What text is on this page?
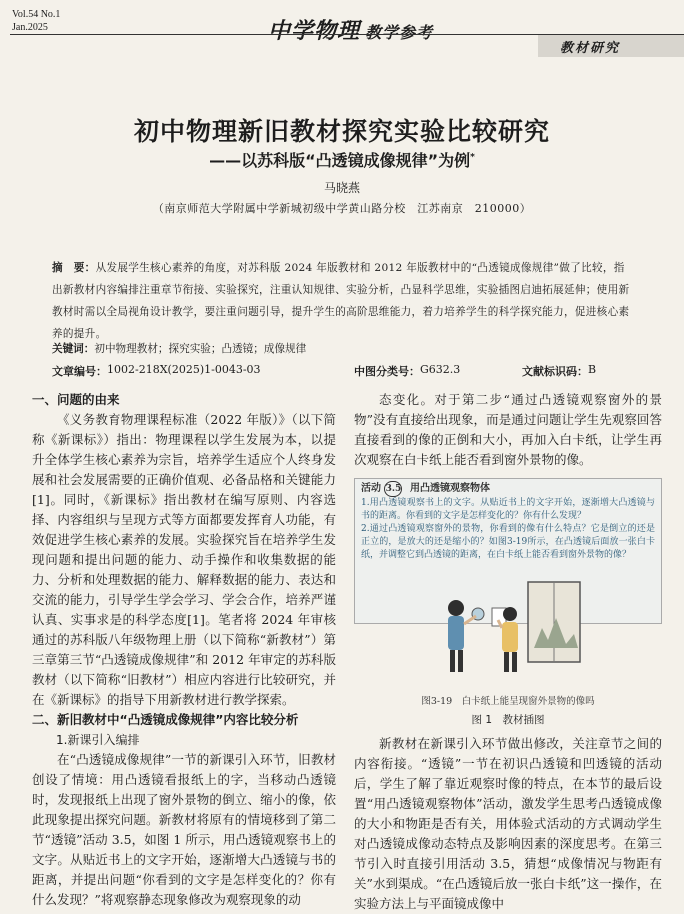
Vol.54 No.1
Jan.2025	中学物理 教学参考
教材研究
初中物理新旧教材探究实验比较研究
——以苏科版“凸透镜成像规律”为例*
马晓燕
（南京师范大学附属中学新城初级中学黄山路分校　江苏南京　210000）
摘　要：从发展学生核心素养的角度，对苏科版 2024 年版教材和 2012 年版教材中的“凸透镜成像规律”做了比较，指出新教材内容编排注重章节衔接、实验探究，注重认知规律、实验分析，凸显科学思维，实验插图启迪拓展延伸；使用新教材时需以全局视角设计教学，要注重问题引导，提升学生的高阶思维能力，着力培养学生的科学探究能力，促进核心素养的提升。
关键词：初中物理教材；探究实验；凸透镜；成像规律
文章编号： 1002-218X(2025)1-0043-03	中图分类号： G632.3	文献标识码： B
一、问题的由来

《义务教育物理课程标准（2022 年版）》（以下简称《新课标》）指出：物理课程以学生发展为本，以提升全体学生核心素养为宗旨，培养学生适应个人终身发展和社会发展需要的正确价值观、必备品格和关键能力[1]。同时，《新课标》指出教材在编写原则、内容选择、内容组织与呈现方式等方面都要发挥育人功能，有效促进学生核心素养的发展。实验探究旨在培养学生发现问题和提出问题的能力、动手操作和收集数据的能力、分析和处理数据的能力、解释数据的能力、表达和交流的能力，引导学生学会学习、学会合作，培养严谨认真、实事求是的科学态度[1]。笔者将 2024 年审核通过的苏科版八年级物理上册（以下简称“新教材”）第三章第三节“凸透镜成像规律”和 2012 年审定的苏科版教材（以下简称“旧教材”）相应内容进行比较研究，并在《新课标》的指导下用新教材进行教学探索。

二、新旧教材中“凸透镜成像规律”内容比较分析
1.新课引入编排

在“凸透镜成像规律”一节的新课引入环节，旧教材创设了情境：用凸透镜看报纸上的字，当移动凸透镜时，发现报纸上出现了窗外景物的倒立、缩小的像，依此现象提出探究问题。新教材将原有的情境移到了第二节“透镜”活动 3.5，如图 1 所示，用凸透镜观察书上的文字。从贴近书上的文字开始，逐渐增大凸透镜与书的距离，并提出问题“你看到的文字是怎样变化的？你有什么发现？”将观察静态现象修改为观察现象的动

态变化。对于第二步“通过凸透镜观察窗外的景物”没有直接给出现象，而是通过问题让学生先观察回答直接看到的像的正倒和大小，再加入白卡纸，让学生再次观察在白卡纸上能否看到窗外景物的像。

活动 3.5 用凸透镜观察物体
1.用凸透镜观察书上的文字。从贴近书上的文字开始，逐渐增大凸透镜与书的距离。你看到的文字是怎样变化的？你有什么发现？
2.通过凸透镜观察窗外的景物，你看到的像有什么特点？它是倒立的还是正立的，是放大的还是缩小的？如图3-19所示，在凸透镜后面放一张白卡纸，并调整它到凸透镜的距离，在白卡纸上能否看到窗外景物的像？
图3-19　白卡纸上能呈现窗外景物的像吗
图 1　教材插图

新教材在新课引入环节做出修改，关注章节之间的内容衔接。“透镜”一节在初识凸透镜和凹透镜的活动后，学生了解了靠近观察时像的特点，在本节的最后设置“用凸透镜观察物体”活动，激发学生思考凸透镜成像的大小和物距是否有关，用体验式活动的方式调动学生对凸透镜成像动态特点及影响因素的深度思考。在第三节引入时直接引用活动 3.5，猜想“成像情况与物距有关”水到渠成。“在凸透镜后放一张白卡纸”这一操作，在实验方法上与平面镜成像中
